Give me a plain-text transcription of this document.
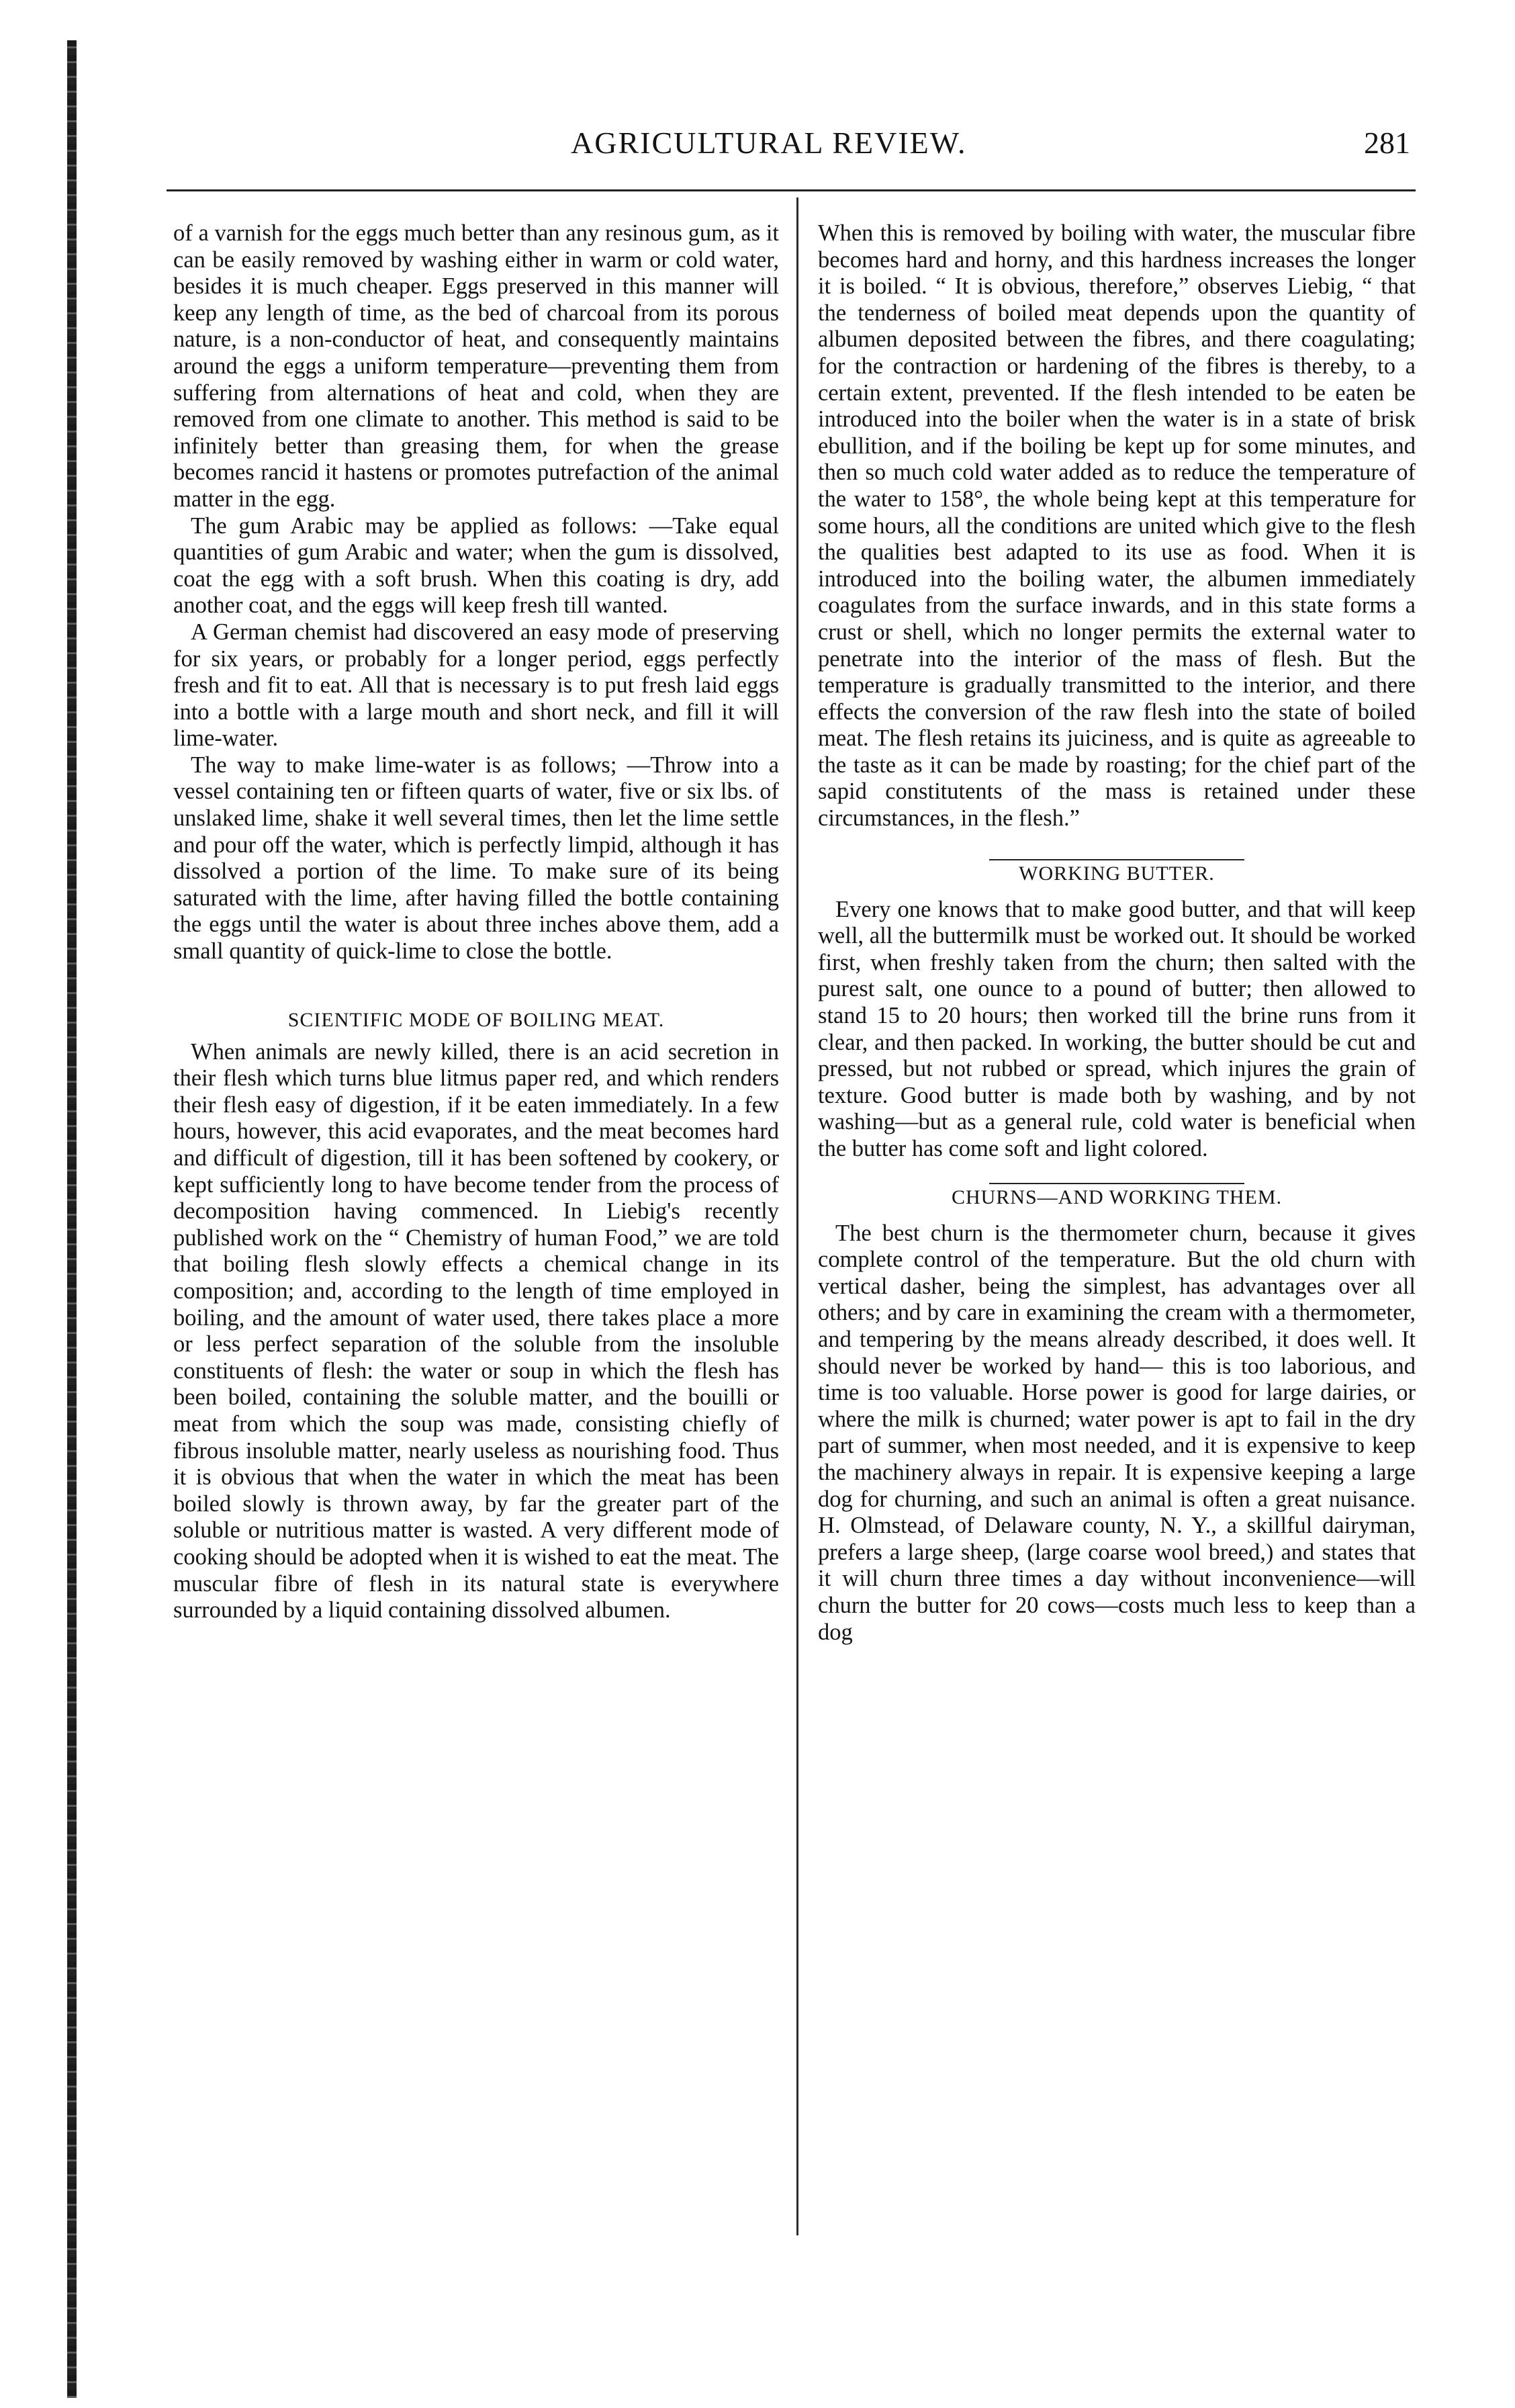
AGRICULTURAL REVIEW.	281

of a varnish for the eggs much better than any resinous gum, as it can be easily removed by washing either in warm or cold water, besides it is much cheaper. Eggs preserved in this manner will keep any length of time, as the bed of charcoal from its porous nature, is a non-conductor of heat, and consequently maintains around the eggs a uniform temperature—preventing them from suffering from alternations of heat and cold, when they are removed from one climate to another. This method is said to be infinitely better than greasing them, for when the grease becomes rancid it hastens or promotes putrefaction of the animal matter in the egg.

The gum Arabic may be applied as follows: —Take equal quantities of gum Arabic and water; when the gum is dissolved, coat the egg with a soft brush. When this coating is dry, add another coat, and the eggs will keep fresh till wanted.

A German chemist had discovered an easy mode of preserving for six years, or probably for a longer period, eggs perfectly fresh and fit to eat. All that is necessary is to put fresh laid eggs into a bottle with a large mouth and short neck, and fill it will lime-water.

The way to make lime-water is as follows; —Throw into a vessel containing ten or fifteen quarts of water, five or six lbs. of unslaked lime, shake it well several times, then let the lime settle and pour off the water, which is perfectly limpid, although it has dissolved a portion of the lime. To make sure of its being saturated with the lime, after having filled the bottle containing the eggs until the water is about three inches above them, add a small quantity of quick-lime to close the bottle.

SCIENTIFIC MODE OF BOILING MEAT.

When animals are newly killed, there is an acid secretion in their flesh which turns blue litmus paper red, and which renders their flesh easy of digestion, if it be eaten immediately. In a few hours, however, this acid evaporates, and the meat becomes hard and difficult of digestion, till it has been softened by cookery, or kept sufficiently long to have become tender from the process of decomposition having commenced. In Liebig's recently published work on the “ Chemistry of human Food,” we are told that boiling flesh slowly effects a chemical change in its composition; and, according to the length of time employed in boiling, and the amount of water used, there takes place a more or less perfect separation of the soluble from the insoluble constituents of flesh: the water or soup in which the flesh has been boiled, containing the soluble matter, and the bouilli or meat from which the soup was made, consisting chiefly of fibrous insoluble matter, nearly useless as nourishing food. Thus it is obvious that when the water in which the meat has been boiled slowly is thrown away, by far the greater part of the soluble or nutritious matter is wasted. A very different mode of cooking should be adopted when it is wished to eat the meat. The muscular fibre of flesh in its natural state is everywhere surrounded by a liquid containing dissolved albumen.

When this is removed by boiling with water, the muscular fibre becomes hard and horny, and this hardness increases the longer it is boiled. “ It is obvious, therefore,” observes Liebig, “ that the tenderness of boiled meat depends upon the quantity of albumen deposited between the fibres, and there coagulating; for the contraction or hardening of the fibres is thereby, to a certain extent, prevented. If the flesh intended to be eaten be introduced into the boiler when the water is in a state of brisk ebullition, and if the boiling be kept up for some minutes, and then so much cold water added as to reduce the temperature of the water to 158°, the whole being kept at this temperature for some hours, all the conditions are united which give to the flesh the qualities best adapted to its use as food. When it is introduced into the boiling water, the albumen immediately coagulates from the surface inwards, and in this state forms a crust or shell, which no longer permits the external water to penetrate into the interior of the mass of flesh. But the temperature is gradually transmitted to the interior, and there effects the conversion of the raw flesh into the state of boiled meat. The flesh retains its juiciness, and is quite as agreeable to the taste as it can be made by roasting; for the chief part of the sapid constitutents of the mass is retained under these circumstances, in the flesh.”

WORKING BUTTER.

Every one knows that to make good butter, and that will keep well, all the buttermilk must be worked out. It should be worked first, when freshly taken from the churn; then salted with the purest salt, one ounce to a pound of butter; then allowed to stand 15 to 20 hours; then worked till the brine runs from it clear, and then packed. In working, the butter should be cut and pressed, but not rubbed or spread, which injures the grain of texture. Good butter is made both by washing, and by not washing—but as a general rule, cold water is beneficial when the butter has come soft and light colored.

CHURNS—AND WORKING THEM.

The best churn is the thermometer churn, because it gives complete control of the temperature. But the old churn with vertical dasher, being the simplest, has advantages over all others; and by care in examining the cream with a thermometer, and tempering by the means already described, it does well. It should never be worked by hand— this is too laborious, and time is too valuable. Horse power is good for large dairies, or where the milk is churned; water power is apt to fail in the dry part of summer, when most needed, and it is expensive to keep the machinery always in repair. It is expensive keeping a large dog for churning, and such an animal is often a great nuisance. H. Olmstead, of Delaware county, N. Y., a skillful dairyman, prefers a large sheep, (large coarse wool breed,) and states that it will churn three times a day without inconvenience—will churn the butter for 20 cows—costs much less to keep than a dog
